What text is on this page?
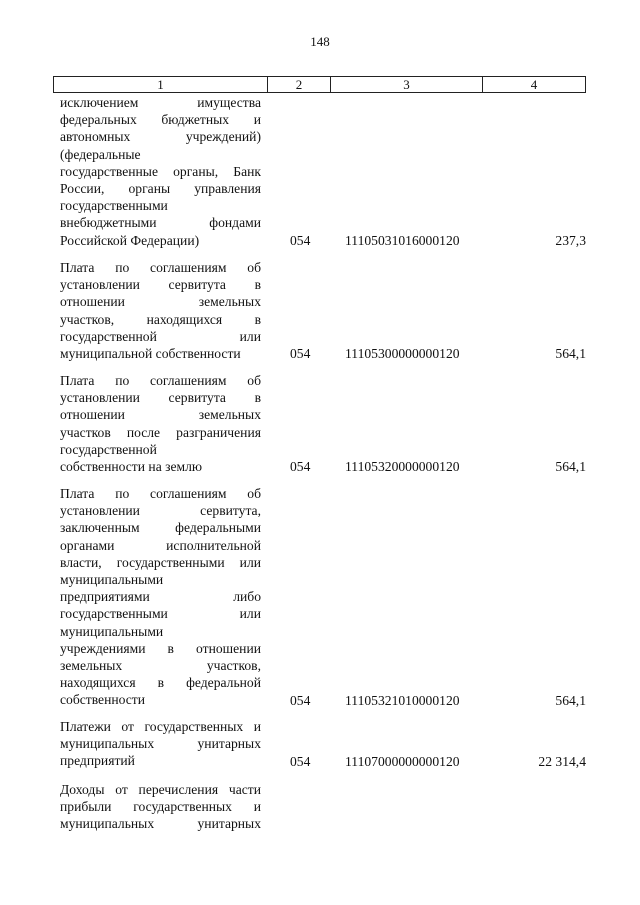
148
1	2	3	4
исключением имущества
федеральных бюджетных и
автономных учреждений)
(федеральные
государственные органы, Банк
России, органы управления
государственными
внебюджетными фондами
Российской Федерации)	054	11105031016000120	237,3
Плата по соглашениям об
установлении сервитута в
отношении земельных
участков, находящихся в
государственной или
муниципальной собственности	054	11105300000000120	564,1
Плата по соглашениям об
установлении сервитута в
отношении земельных
участков после разграничения
государственной
собственности на землю	054	11105320000000120	564,1
Плата по соглашениям об
установлении сервитута,
заключенным федеральными
органами исполнительной
власти, государственными или
муниципальными
предприятиями либо
государственными или
муниципальными
учреждениями в отношении
земельных участков,
находящихся в федеральной
собственности	054	11105321010000120	564,1
Платежи от государственных и
муниципальных унитарных
предприятий	054	11107000000000120	22 314,4
Доходы от перечисления части
прибыли государственных и
муниципальных унитарных
